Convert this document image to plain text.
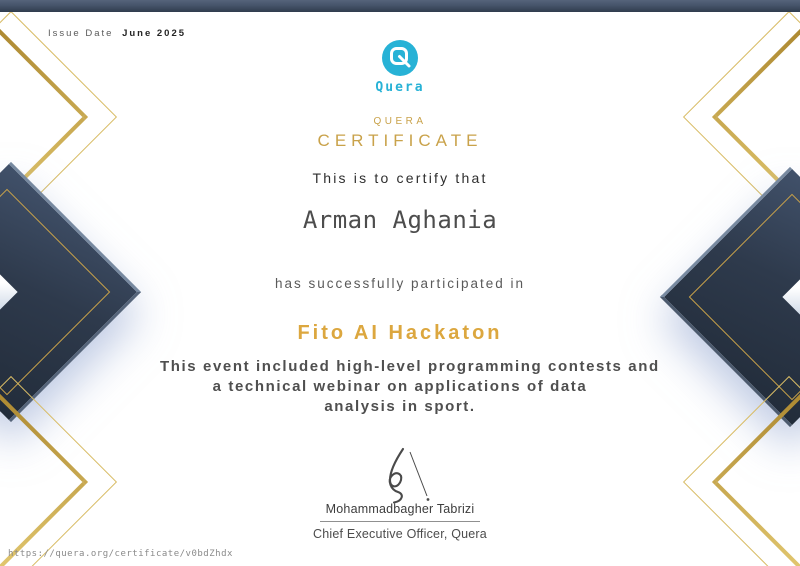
Issue Date June 2025
Quera
QUERA
CERTIFICATE
This is to certify that
Arman Aghania
has successfully participated in
Fito AI Hackaton
This event included high-level programming contests and
a technical webinar on applications of data
analysis in sport.
Mohammadbagher Tabrizi
Chief Executive Officer, Quera
https://quera.org/certificate/v0bdZhdx
